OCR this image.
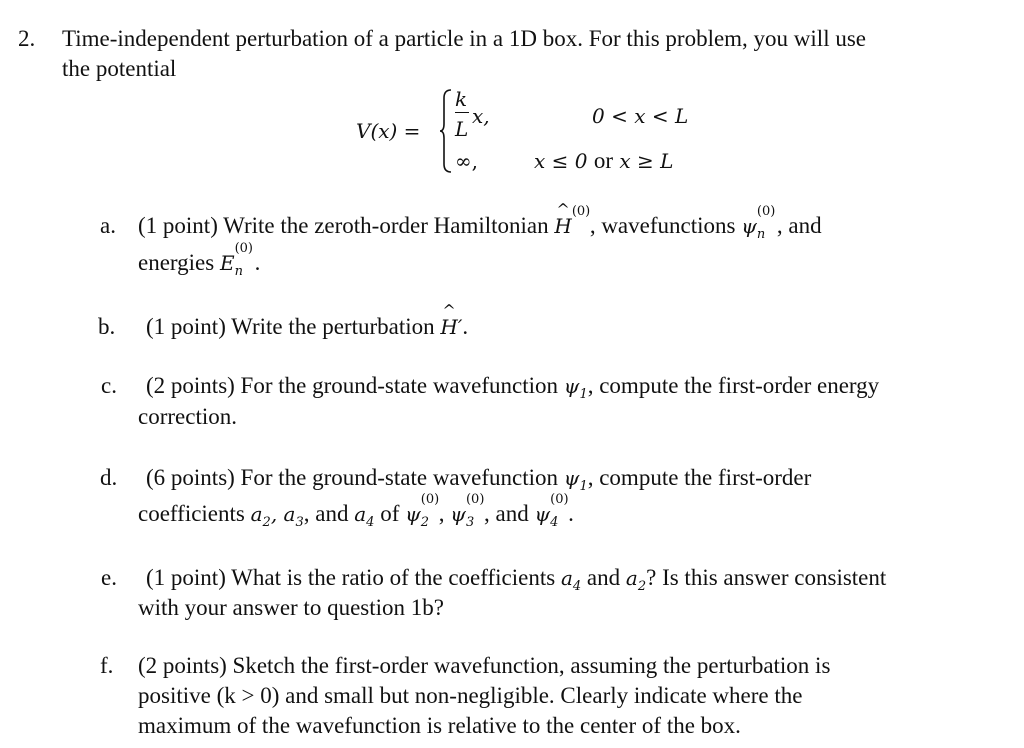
2. Time-independent perturbation of a particle in a 1D box. For this problem, you will use
the potential
V(x) =
k
L
x,
∞,
0 < x < L
x ≤ 0 or x ≥ L
a. (1 point) Write the zeroth-order Hamiltonian ^ H
(0)
, wavefunctions ψ
(0)
n , and
energies E
(0)
n .
b. (1 point) Write the perturbation ^ H′.
c. (2 points) For the ground-state wavefunction $\psi_1$, compute the first-order energy
correction.
d. (6 points) For the ground-state wavefunction $\psi_1$, compute the first-order
coefficients $a_2$, $a_3$, and $a_4$ of ψ
(0)
2 , ψ
(0)
3 , and ψ
(0)
4 .
e. (1 point) What is the ratio of the coefficients $a_4$ and $a_2$? Is this answer consistent
with your answer to question 1b?
f. (2 points) Sketch the first-order wavefunction, assuming the perturbation is
positive (k > 0) and small but non-negligible. Clearly indicate where the
maximum of the wavefunction is relative to the center of the box.
